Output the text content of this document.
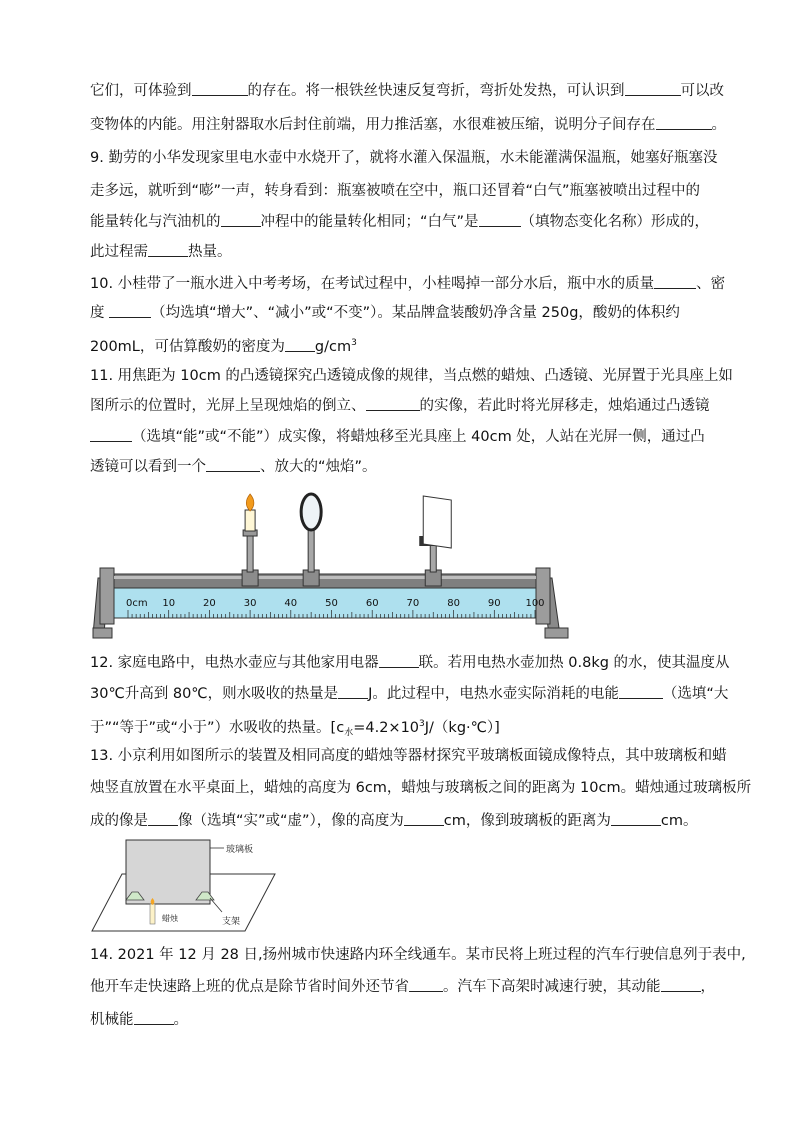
它们，可体验到	的存在。将一根铁丝快速反复弯折，弯折处发热，可认识到	可以改
变物体的内能。用注射器取水后封住前端，用力推活塞，水很难被压缩，说明分子间存在	。
9. 勤劳的小华发现家里电水壶中水烧开了，就将水灌入保温瓶，水未能灌满保温瓶，她塞好瓶塞没
走多远，就听到“嘭”一声，转身看到：瓶塞被喷在空中，瓶口还冒着“白气”瓶塞被喷出过程中的
能量转化与汽油机的	冲程中的能量转化相同；“白气”是	（填物态变化名称）形成的，
此过程需	热量。
10. 小桂带了一瓶水进入中考考场，在考试过程中，小桂喝掉一部分水后，瓶中水的质量	、密
度	（均选填“增大”、“减小”或“不变”）。某品牌盒装酸奶净含量 250g，酸奶的体积约
200mL，可估算酸奶的密度为 $g/cm^3$
11. 用焦距为 10cm 的凸透镜探究凸透镜成像的规律，当点燃的蜡烛、凸透镜、光屏置于光具座上如
图所示的位置时，光屏上呈现烛焰的倒立、	的实像，若此时将光屏移走，烛焰通过凸透镜
（选填“能”或“不能”）成实像，将蜡烛移至光具座上 40cm 处，人站在光屏一侧，通过凸
透镜可以看到一个	、放大的“烛焰”。
0cm 10	20	30	40	50	60	70	80	90 100
12. 家庭电路中，电热水壶应与其他家用电器	联。若用电热水壶加热 0.8kg 的水，使其温度从
30℃升高到 80℃，则水吸收的热量是 J。此过程中，电热水壶实际消耗的电能	（选填“大
于”“等于”或“小于”）水吸收的热量。$[c_水=4.2\times 10^3J/(kg\cdot℃)]$
13. 小京利用如图所示的装置及相同高度的蜡烛等器材探究平玻璃板面镜成像特点，其中玻璃板和蜡
烛竖直放置在水平桌面上，蜡烛的高度为 6cm，蜡烛与玻璃板之间的距离为 10cm。蜡烛通过玻璃板所
成的像是 像（选填“实”或“虚”），像的高度为	cm，像到玻璃板的距离为	cm。
玻璃板
支架
蜡烛
14. 2021 年 12 月 28 日,扬州城市快速路内环全线通车。某市民将上班过程的汽车行驶信息列于表中,
他开车走快速路上班的优点是除节省时间外还节省 。汽车下高架时减速行驶，其动能	，
机械能	。
